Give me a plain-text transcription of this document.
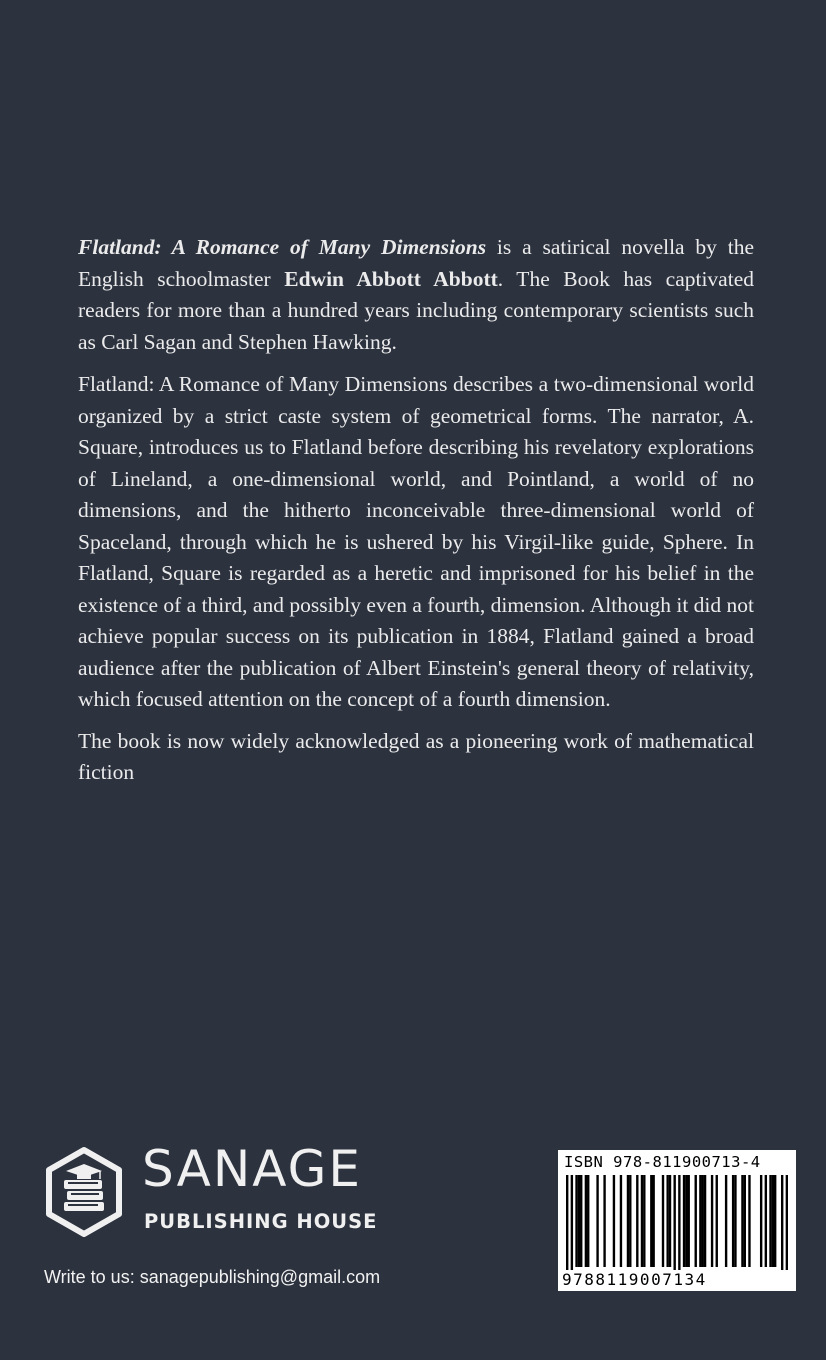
Flatland: A Romance of Many Dimensions is a satirical novella by the English schoolmaster Edwin Abbott Abbott. The Book has captivated readers for more than a hundred years including contemporary scientists such as Carl Sagan and Stephen Hawking.

Flatland: A Romance of Many Dimensions describes a two-dimensional world organized by a strict caste system of geometrical forms. The narrator, A. Square, introduces us to Flatland before describing his revelatory explorations of Lineland, a one-dimensional world, and Pointland, a world of no dimensions, and the hitherto inconceivable three-dimensional world of Spaceland, through which he is ushered by his Virgil-like guide, Sphere. In Flatland, Square is regarded as a heretic and imprisoned for his belief in the existence of a third, and possibly even a fourth, dimension. Although it did not achieve popular success on its publication in 1884, Flatland gained a broad audience after the publication of Albert Einstein's general theory of relativity, which focused attention on the concept of a fourth dimension.

The book is now widely acknowledged as a pioneering work of mathematical fiction

SANAGE
PUBLISHING HOUSE
Write to us: sanagepublishing@gmail.com
ISBN 978-811900713-4
9788119007134
